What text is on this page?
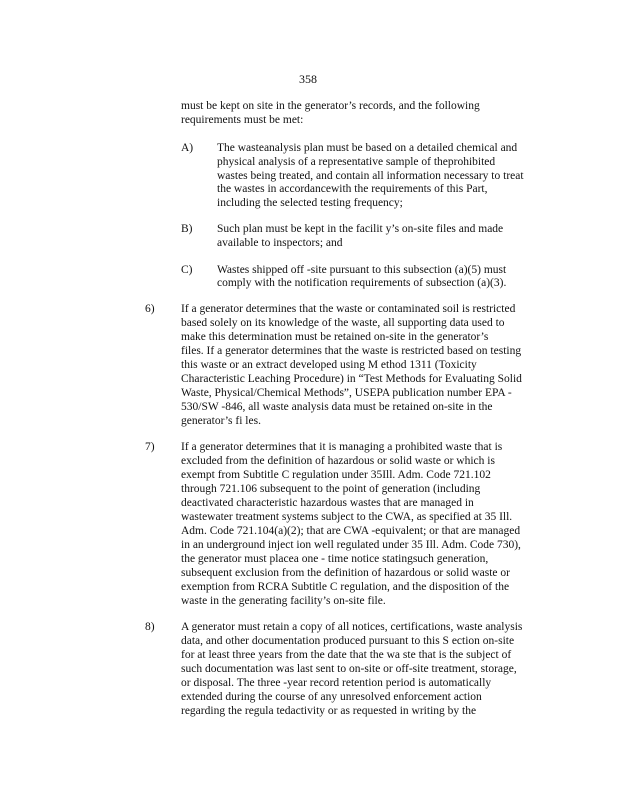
358
must be kept on site in the generator’s records, and the following
requirements must be met:
A) The wasteanalysis plan must be based on a detailed chemical and
physical analysis of a representative sample of theprohibited
wastes being treated, and contain all information necessary to treat
the wastes in accordancewith the requirements of this Part,
including the selected testing frequency;
B) Such plan must be kept in the facilit y’s on-site files and made
available to inspectors; and
C) Wastes shipped off -site pursuant to this subsection (a)(5) must
comply with the notification requirements of subsection (a)(3).
6) If a generator determines that the waste or contaminated soil is restricted
based solely on its knowledge of the waste, all supporting data used to
make this determination must be retained on-site in the generator’s
files. If a generator determines that the waste is restricted based on testing
this waste or an extract developed using M ethod 1311 (Toxicity
Characteristic Leaching Procedure) in “Test Methods for Evaluating Solid
Waste, Physical/Chemical Methods”, USEPA publication number EPA -
530/SW -846, all waste analysis data must be retained on-site in the
generator’s fi les.
7) If a generator determines that it is managing a prohibited waste that is
excluded from the definition of hazardous or solid waste or which is
exempt from Subtitle C regulation under 35Ill. Adm. Code 721.102
through 721.106 subsequent to the point of generation (including
deactivated characteristic hazardous wastes that are managed in
wastewater treatment systems subject to the CWA, as specified at 35 Ill.
Adm. Code 721.104(a)(2); that are CWA -equivalent; or that are managed
in an underground inject ion well regulated under 35 Ill. Adm. Code 730),
the generator must placea one - time notice statingsuch generation,
subsequent exclusion from the definition of hazardous or solid waste or
exemption from RCRA Subtitle C regulation, and the disposition of the
waste in the generating facility’s on-site file.
8) A generator must retain a copy of all notices, certifications, waste analysis
data, and other documentation produced pursuant to this S ection on-site
for at least three years from the date that the wa ste that is the subject of
such documentation was last sent to on-site or off-site treatment, storage,
or disposal. The three -year record retention period is automatically
extended during the course of any unresolved enforcement action
regarding the regula tedactivity or as requested in writing by the
